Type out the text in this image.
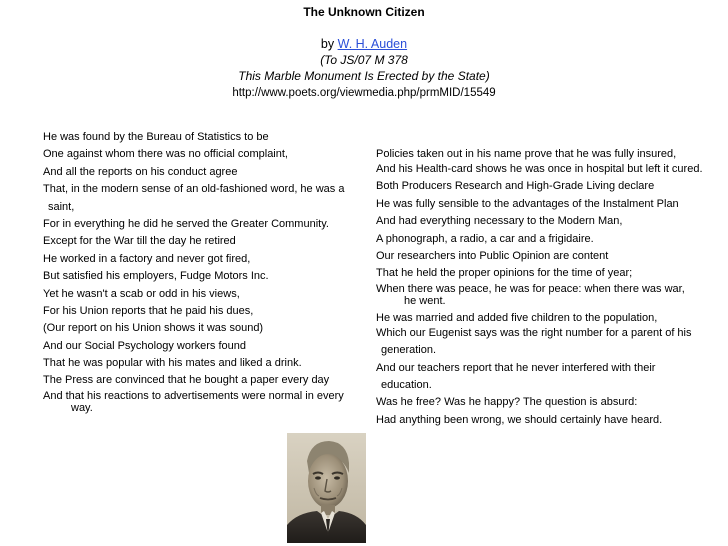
The Unknown Citizen
by W. H. Auden
(To JS/07 M 378
This Marble Monument Is Erected by the State)
http://www.poets.org/viewmedia.php/prmMID/15549

He was found by the Bureau of Statistics to be

One against whom there was no official complaint,

And all the reports on his conduct agree

That, in the modern sense of an old-fashioned word, he was a

saint,

For in everything he did he served the Greater Community.

Except for the War till the day he retired

He worked in a factory and never got fired,

But satisfied his employers, Fudge Motors Inc.

Yet he wasn't a scab or odd in his views,

For his Union reports that he paid his dues,

(Our report on his Union shows it was sound)

And our Social Psychology workers found

That he was popular with his mates and liked a drink.

The Press are convinced that he bought a paper every day

And that his reactions to advertisements were normal in every way.

Policies taken out in his name prove that he was fully insured,

And his Health-card shows he was once in hospital but left it cured.

Both Producers Research and High-Grade Living declare

He was fully sensible to the advantages of the Instalment Plan

And had everything necessary to the Modern Man,

A phonograph, a radio, a car and a frigidaire.

Our researchers into Public Opinion are content

That he held the proper opinions for the time of year;

When there was peace, he was for peace: when there was war, he went.

He was married and added five children to the population,

Which our Eugenist says was the right number for a parent of his

generation.

And our teachers report that he never interfered with their

education.

Was he free? Was he happy? The question is absurd:

Had anything been wrong, we should certainly have heard.
